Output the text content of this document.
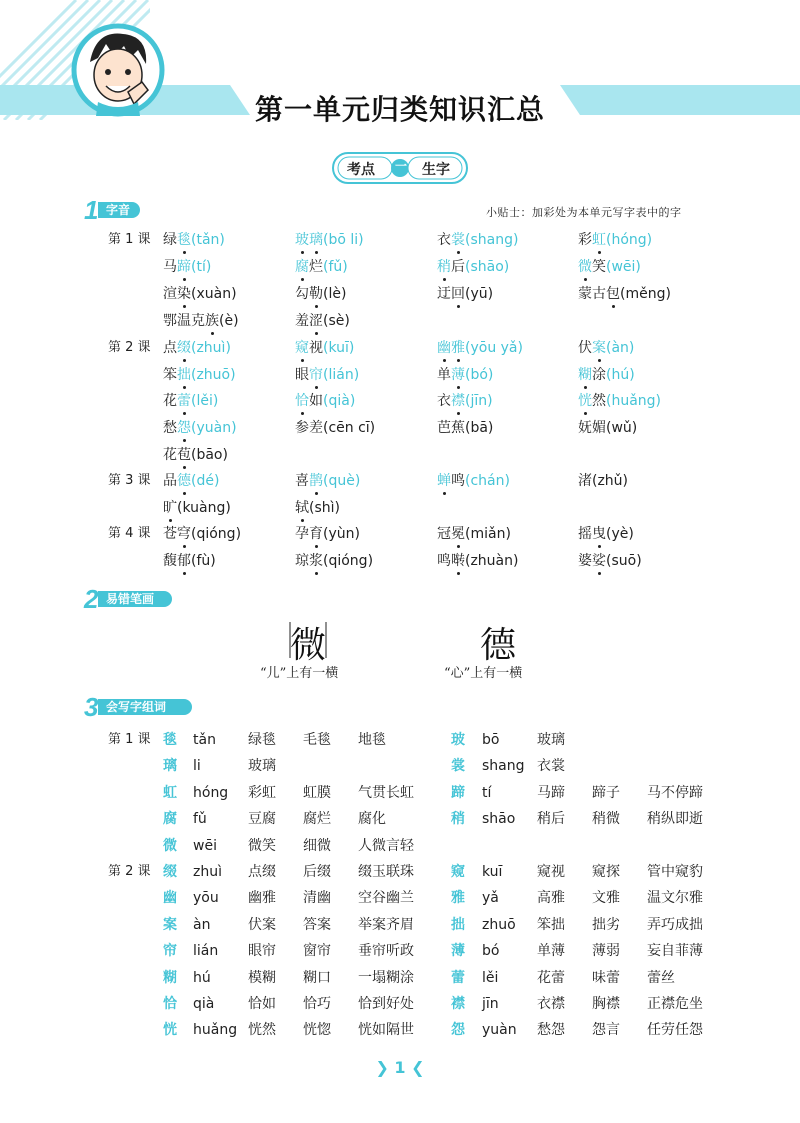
第一单元归类知识汇总
考点 一 生字
1 字音	小贴士：加彩处为本单元写字表中的字
第 1 课 绿毯(tǎn)	玻璃(bō li)	衣裳(shang)	彩虹(hóng)
马蹄(tí)	腐烂(fǔ)	稍后(shāo)	微笑(wēi)
渲染(xuàn)	勾勒(lè)	迂回(yū)	蒙古包(měng)
鄂温克族(è)	羞涩(sè)
第 2 课 点缀(zhuì)	窥视(kuī)	幽雅(yōu yǎ)	伏案(àn)
笨拙(zhuō)	眼帘(lián)	单薄(bó)	糊涂(hú)
花蕾(lěi)	恰如(qià)	衣襟(jīn)	恍然(huǎng)
愁怨(yuàn)	参差(cēn cī)	芭蕉(bā)	妩媚(wǔ)
花苞(bāo)
第 3 课 品德(dé)	喜鹊(què)	蝉鸣(chán)	渚(zhǔ)
旷(kuàng)	轼(shì)
第 4 课 苍穹(qióng)	孕育(yùn)	冠冕(miǎn)	摇曳(yè)
馥郁(fù)	琼浆(qióng)	鸣啭(zhuàn)	婆娑(suō)
2 易错笔画
微
“儿”上有一横
德
“心”上有一横
3 会写字组词
第 1 课
第 2 课
毯 tǎn 绿毯 毛毯 地毯	玻 bō	玻璃
璃 li	玻璃	裳 shang 衣裳
虹 hóng 彩虹 虹膜 气贯长虹	蹄 tí	马蹄 蹄子 马不停蹄
腐 fǔ	豆腐 腐烂 腐化	稍 shāo 稍后 稍微 稍纵即逝
微 wēi 微笑 细微 人微言轻
缀 zhuì 点缀 后缀 缀玉联珠	窥 kuī 窥视 窥探 管中窥豹
幽 yōu 幽雅 清幽 空谷幽兰	雅 yǎ	高雅 文雅 温文尔雅
案 àn	伏案 答案 举案齐眉	拙 zhuō 笨拙 拙劣 弄巧成拙
帘 lián 眼帘 窗帘 垂帘听政	薄 bó	单薄 薄弱 妄自菲薄
糊 hú	模糊 糊口 一塌糊涂	蕾 lěi	花蕾 味蕾 蕾丝
恰 qià 恰如 恰巧 恰到好处	襟 jīn	衣襟 胸襟 正襟危坐
恍 huǎng 恍然 恍惚 恍如隔世	怨 yuàn 愁怨 怨言 任劳任怨
❯ 1 ❮
